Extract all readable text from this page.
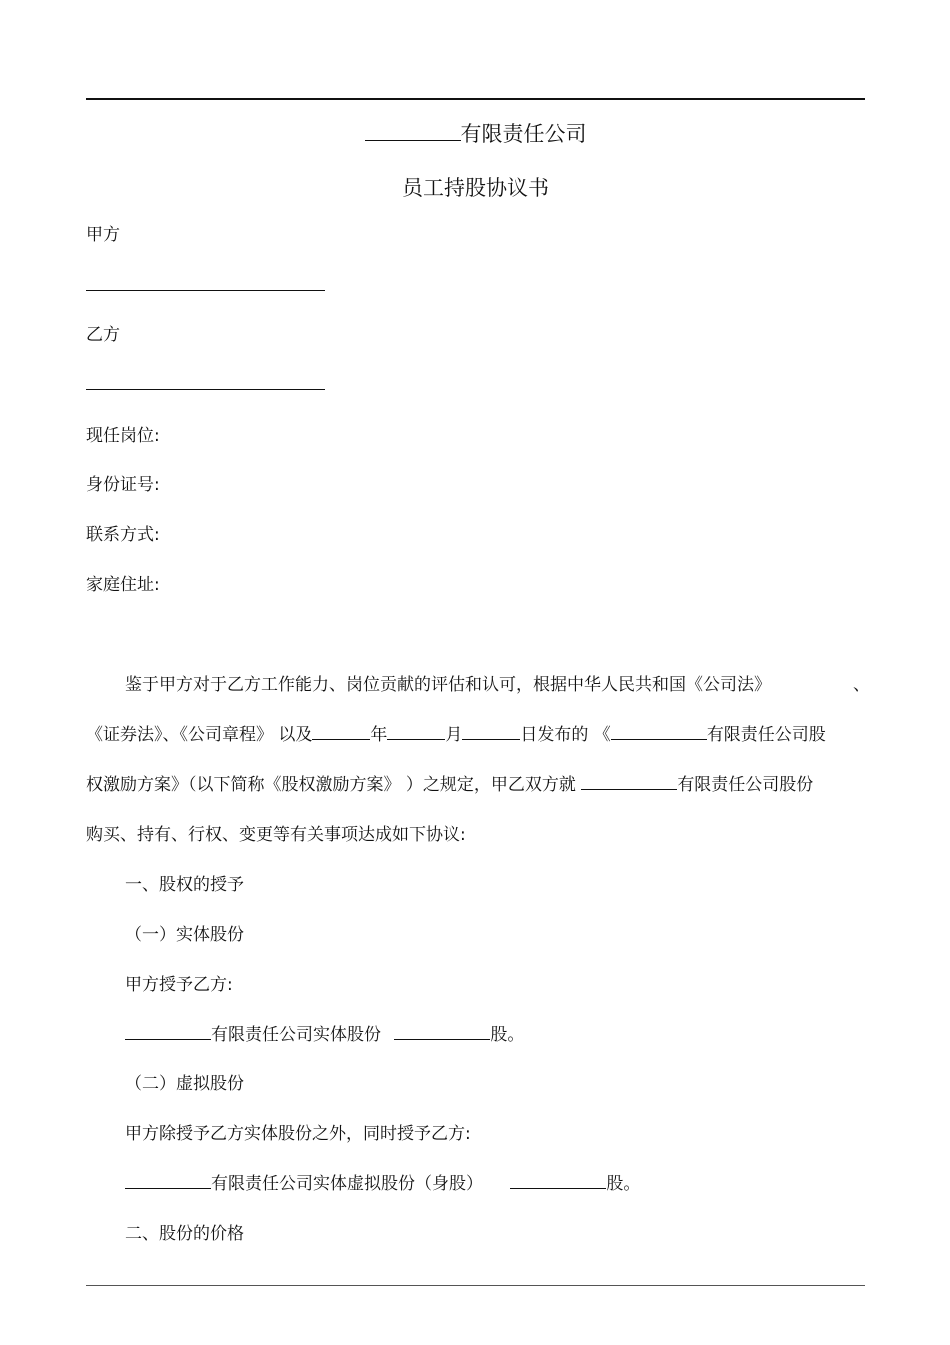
有限责任公司
员工持股协议书
甲方
乙方
现任岗位:
身份证号:
联系方式:
家庭住址:
鉴于甲方对于乙方工作能力、岗位贡献的评估和认可，根据中华人民共和国《公司法》	、
《证券法》、《公司章程》 以及	年	月	日发布的 《	有限责任公司股
权激励方案》（以下简称《股权激励方案》 ）之规定，甲乙双方就	有限责任公司股份
购买、持有、行权、变更等有关事项达成如下协议:
一、股权的授予
（一）实体股份
甲方授予乙方:
有限责任公司实体股份	股。
（二）虚拟股份
甲方除授予乙方实体股份之外，同时授予乙方:
有限责任公司实体虚拟股份（身股）	股。
二、股份的价格
